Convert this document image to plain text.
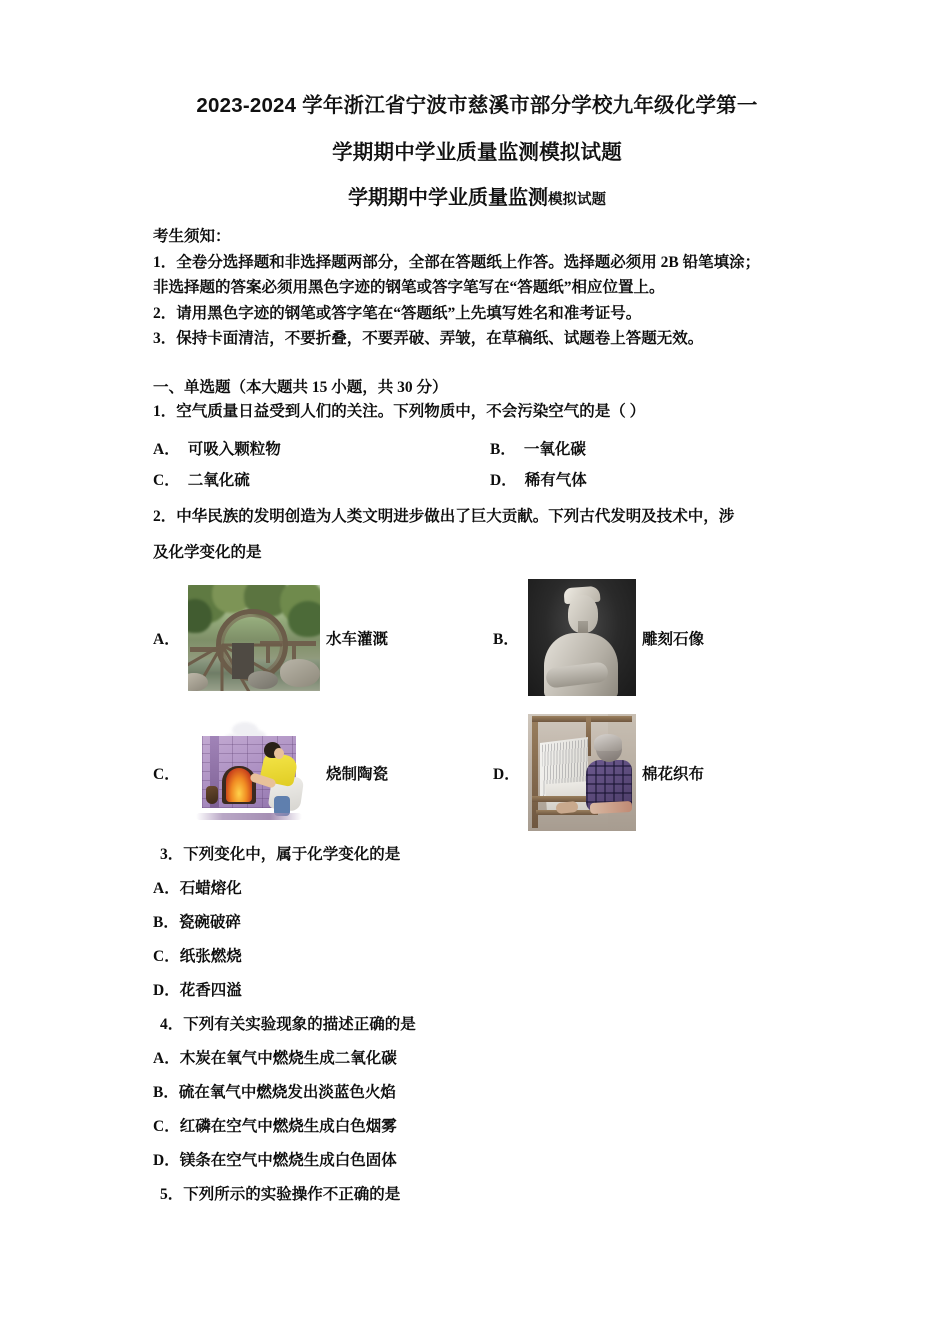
2023-2024 学年浙江省宁波市慈溪市部分学校九年级化学第一
学期期中学业质量监测模拟试题
学期期中学业质量监测模拟试题
考生须知：
1．全卷分选择题和非选择题两部分，全部在答题纸上作答。选择题必须用 2B 铅笔填涂；
非选择题的答案必须用黑色字迹的钢笔或答字笔写在“答题纸”相应位置上。
2．请用黑色字迹的钢笔或答字笔在“答题纸”上先填写姓名和准考证号。
3．保持卡面清洁，不要折叠，不要弄破、弄皱，在草稿纸、试题卷上答题无效。
一、单选题（本大题共 15 小题，共 30 分）
1．空气质量日益受到人们的关注。下列物质中，不会污染空气的是（ ）
A． 可吸入颗粒物	B． 一氧化碳
C． 二氧化硫	D． 稀有气体
2．中华民族的发明创造为人类文明进步做出了巨大贡献。下列古代发明及技术中，涉
及化学变化的是
A．	水车灌溉	B．	雕刻石像
C．	烧制陶瓷	D．	棉花织布
3．下列变化中，属于化学变化的是
A．石蜡熔化
B．瓷碗破碎
C．纸张燃烧
D．花香四溢
4．下列有关实验现象的描述正确的是
A．木炭在氧气中燃烧生成二氧化碳
B．硫在氧气中燃烧发出淡蓝色火焰
C．红磷在空气中燃烧生成白色烟雾
D．镁条在空气中燃烧生成白色固体
5．下列所示的实验操作不正确的是
